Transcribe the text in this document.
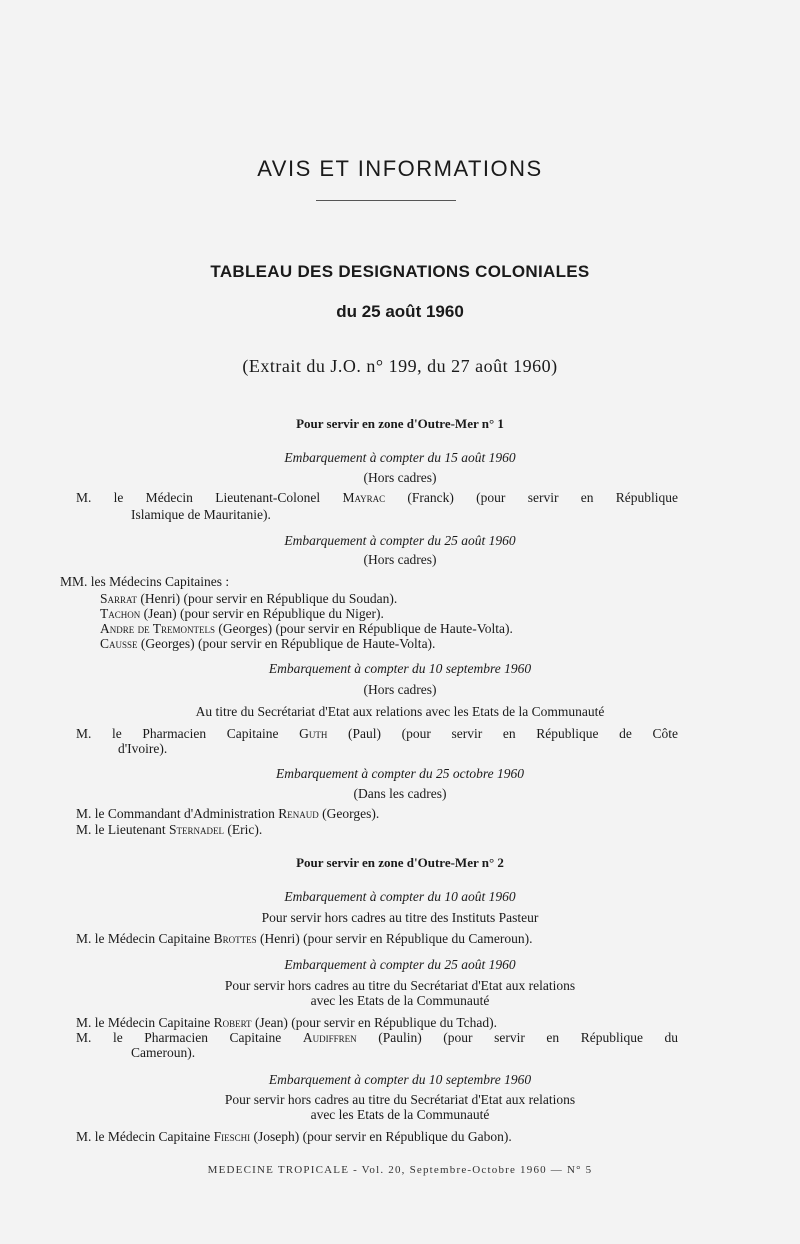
AVIS ET INFORMATIONS
TABLEAU DES DESIGNATIONS COLONIALES
du 25 août 1960
(Extrait du J.O. n° 199, du 27 août 1960)
Pour servir en zone d'Outre-Mer n° 1
Embarquement à compter du 15 août 1960
(Hors cadres)
M. le Médecin Lieutenant-Colonel Mayrac (Franck) (pour servir en République
Islamique de Mauritanie).
Embarquement à compter du 25 août 1960
(Hors cadres)
MM. les Médecins Capitaines :
Sarrat (Henri) (pour servir en République du Soudan).
Tachon (Jean) (pour servir en République du Niger).
Andre de Tremontels (Georges) (pour servir en République de Haute-Volta).
Causse (Georges) (pour servir en République de Haute-Volta).
Embarquement à compter du 10 septembre 1960
(Hors cadres)
Au titre du Secrétariat d'Etat aux relations avec les Etats de la Communauté
M. le Pharmacien Capitaine Guth (Paul) (pour servir en République de Côte
d'Ivoire).
Embarquement à compter du 25 octobre 1960
(Dans les cadres)
M. le Commandant d'Administration Renaud (Georges).
M. le Lieutenant Sternadel (Eric).
Pour servir en zone d'Outre-Mer n° 2
Embarquement à compter du 10 août 1960
Pour servir hors cadres au titre des Instituts Pasteur
M. le Médecin Capitaine Brottes (Henri) (pour servir en République du Cameroun).
Embarquement à compter du 25 août 1960
Pour servir hors cadres au titre du Secrétariat d'Etat aux relations
avec les Etats de la Communauté
M. le Médecin Capitaine Robert (Jean) (pour servir en République du Tchad).
M. le Pharmacien Capitaine Audiffren (Paulin) (pour servir en République du
Cameroun).
Embarquement à compter du 10 septembre 1960
Pour servir hors cadres au titre du Secrétariat d'Etat aux relations
avec les Etats de la Communauté
M. le Médecin Capitaine Fieschi (Joseph) (pour servir en République du Gabon).
MEDECINE TROPICALE - Vol. 20, Septembre-Octobre 1960 — N° 5
